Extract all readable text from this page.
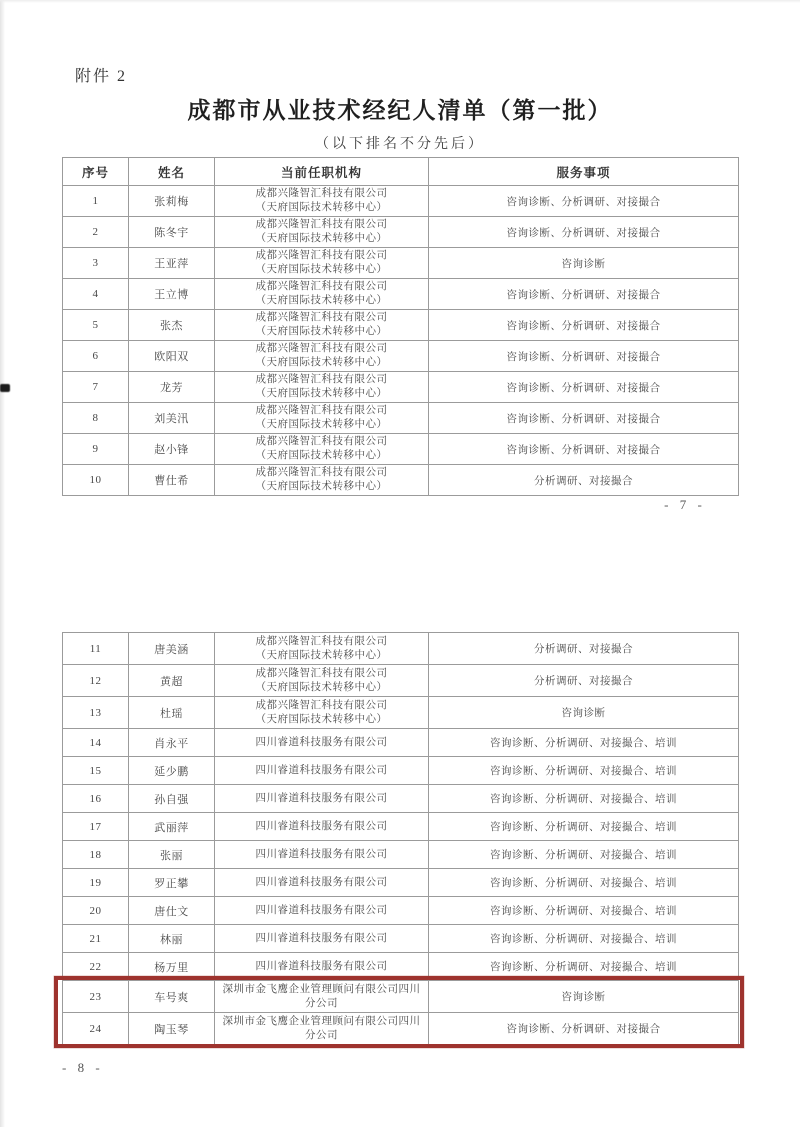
附件 2
成都市从业技术经纪人清单（第一批）
（以下排名不分先后）
序号	姓名	当前任职机构	服务事项
1	张莉梅	成都兴隆智汇科技有限公司
（天府国际技术转移中心）	咨询诊断、分析调研、对接撮合
2	陈冬宇	成都兴隆智汇科技有限公司
（天府国际技术转移中心）	咨询诊断、分析调研、对接撮合
3	王亚萍	成都兴隆智汇科技有限公司
（天府国际技术转移中心）	咨询诊断
4	王立博	成都兴隆智汇科技有限公司
（天府国际技术转移中心）	咨询诊断、分析调研、对接撮合
5	张杰	成都兴隆智汇科技有限公司
（天府国际技术转移中心）	咨询诊断、分析调研、对接撮合
6	欧阳双	成都兴隆智汇科技有限公司
（天府国际技术转移中心）	咨询诊断、分析调研、对接撮合
7	龙芳	成都兴隆智汇科技有限公司
（天府国际技术转移中心）	咨询诊断、分析调研、对接撮合
8	刘美汛	成都兴隆智汇科技有限公司
（天府国际技术转移中心）	咨询诊断、分析调研、对接撮合
9	赵小锋	成都兴隆智汇科技有限公司
（天府国际技术转移中心）	咨询诊断、分析调研、对接撮合
10	曹仕希	成都兴隆智汇科技有限公司
（天府国际技术转移中心）	分析调研、对接撮合
- 7 -
11	唐美涵	成都兴隆智汇科技有限公司
（天府国际技术转移中心）	分析调研、对接撮合
12	黄超	成都兴隆智汇科技有限公司
（天府国际技术转移中心）	分析调研、对接撮合
13	杜瑶	成都兴隆智汇科技有限公司
（天府国际技术转移中心）	咨询诊断
14	肖永平	四川睿道科技服务有限公司	咨询诊断、分析调研、对接撮合、培训
15	延少鹏	四川睿道科技服务有限公司	咨询诊断、分析调研、对接撮合、培训
16	孙自强	四川睿道科技服务有限公司	咨询诊断、分析调研、对接撮合、培训
17	武丽萍	四川睿道科技服务有限公司	咨询诊断、分析调研、对接撮合、培训
18	张丽	四川睿道科技服务有限公司	咨询诊断、分析调研、对接撮合、培训
19	罗正攀	四川睿道科技服务有限公司	咨询诊断、分析调研、对接撮合、培训
20	唐仕文	四川睿道科技服务有限公司	咨询诊断、分析调研、对接撮合、培训
21	林丽	四川睿道科技服务有限公司	咨询诊断、分析调研、对接撮合、培训
22	杨万里	四川睿道科技服务有限公司	咨询诊断、分析调研、对接撮合、培训
23	车号爽	深圳市金飞鹰企业管理顾问有限公司四川分公司	咨询诊断
24	陶玉琴	深圳市金飞鹰企业管理顾问有限公司四川分公司	咨询诊断、分析调研、对接撮合
- 8 -
